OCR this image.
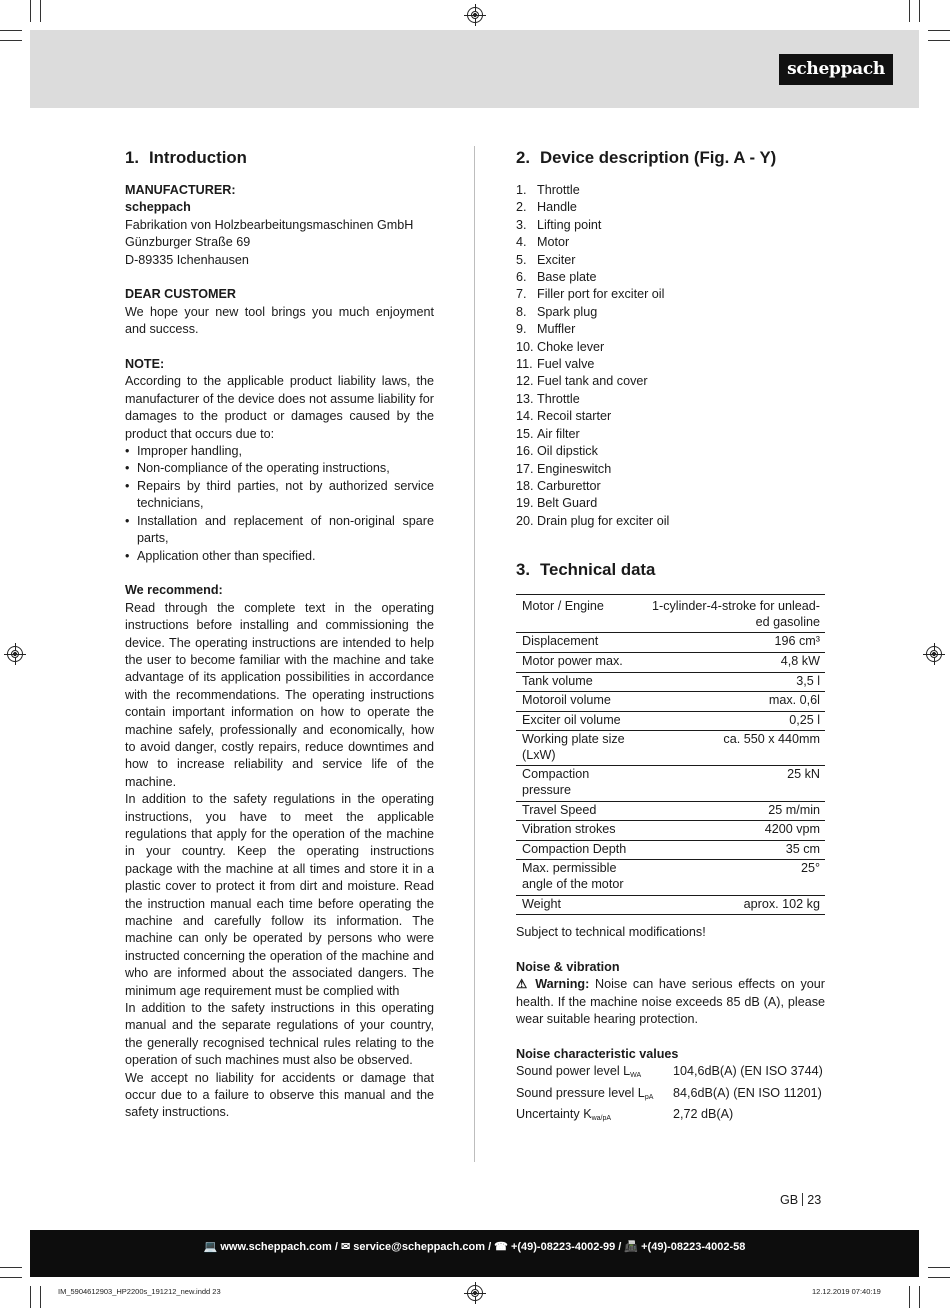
scheppach
1. Introduction
MANUFACTURER:
scheppach
Fabrikation von Holzbearbeitungsmaschinen GmbH
Günzburger Straße 69
D-89335 Ichenhausen
DEAR CUSTOMER
We hope your new tool brings you much enjoyment and success.
NOTE:
According to the applicable product liability laws, the manufacturer of the device does not assume liability for damages to the product or damages caused by the product that occurs due to:
• Improper handling,
• Non-compliance of the operating instructions,
• Repairs by third parties, not by authorized service technicians,
• Installation and replacement of non-original spare parts,
• Application other than specified.
We recommend:
Read through the complete text in the operating instructions before installing and commissioning the device. The operating instructions are intended to help the user to become familiar with the machine and take advantage of its application possibilities in accordance with the recommendations. The operating instructions contain important information on how to operate the machine safely, professionally and economically, how to avoid danger, costly repairs, reduce downtimes and how to increase reliability and service life of the machine.
In addition to the safety regulations in the operating instructions, you have to meet the applicable regulations that apply for the operation of the machine in your country. Keep the operating instructions package with the machine at all times and store it in a plastic cover to protect it from dirt and moisture. Read the instruction manual each time before operating the machine and carefully follow its information. The machine can only be operated by persons who were instructed concerning the operation of the machine and who are informed about the associated dangers. The minimum age requirement must be complied with
In addition to the safety instructions in this operating manual and the separate regulations of your country, the generally recognised technical rules relating to the operation of such machines must also be observed.
We accept no liability for accidents or damage that occur due to a failure to observe this manual and the safety instructions.
2. Device description (Fig. A - Y)
1. Throttle
2. Handle
3. Lifting point
4. Motor
5. Exciter
6. Base plate
7. Filler port for exciter oil
8. Spark plug
9. Muffler
10. Choke lever
11. Fuel valve
12. Fuel tank and cover
13. Throttle
14. Recoil starter
15. Air filter
16. Oil dipstick
17. Engineswitch
18. Carburettor
19. Belt Guard
20. Drain plug for exciter oil
3. Technical data
Motor / Engine	1-cylinder-4-stroke for unlead-ed gasoline
Displacement	196 cm³
Motor power max.	4,8 kW
Tank volume	3,5 l
Motoroil volume	max. 0,6l
Exciter oil volume	0,25 l
Working plate size (LxW)	ca. 550 x 440mm
Compaction pressure	25 kN
Travel Speed	25 m/min
Vibration strokes	4200 vpm
Compaction Depth	35 cm
Max. permissible angle of the motor	25°
Weight	aprox. 102 kg
Subject to technical modifications!
Noise & vibration
⚠ Warning: Noise can have serious effects on your health. If the machine noise exceeds 85 dB (A), please wear suitable hearing protection.
Noise characteristic values
Sound power level $L_{WA}$	104,6dB(A) (EN ISO 3744)
Sound pressure level $L_{pA}$	84,6dB(A) (EN ISO 11201)
Uncertainty $K_{wa/pA}$	2,72 dB(A)
GB 23
💻 www.scheppach.com / ✉ service@scheppach.com / ☎ +(49)-08223-4002-99 / 📠 +(49)-08223-4002-58
IM_5904612903_HP2200s_191212_new.indd 23	12.12.2019 07:40:19
